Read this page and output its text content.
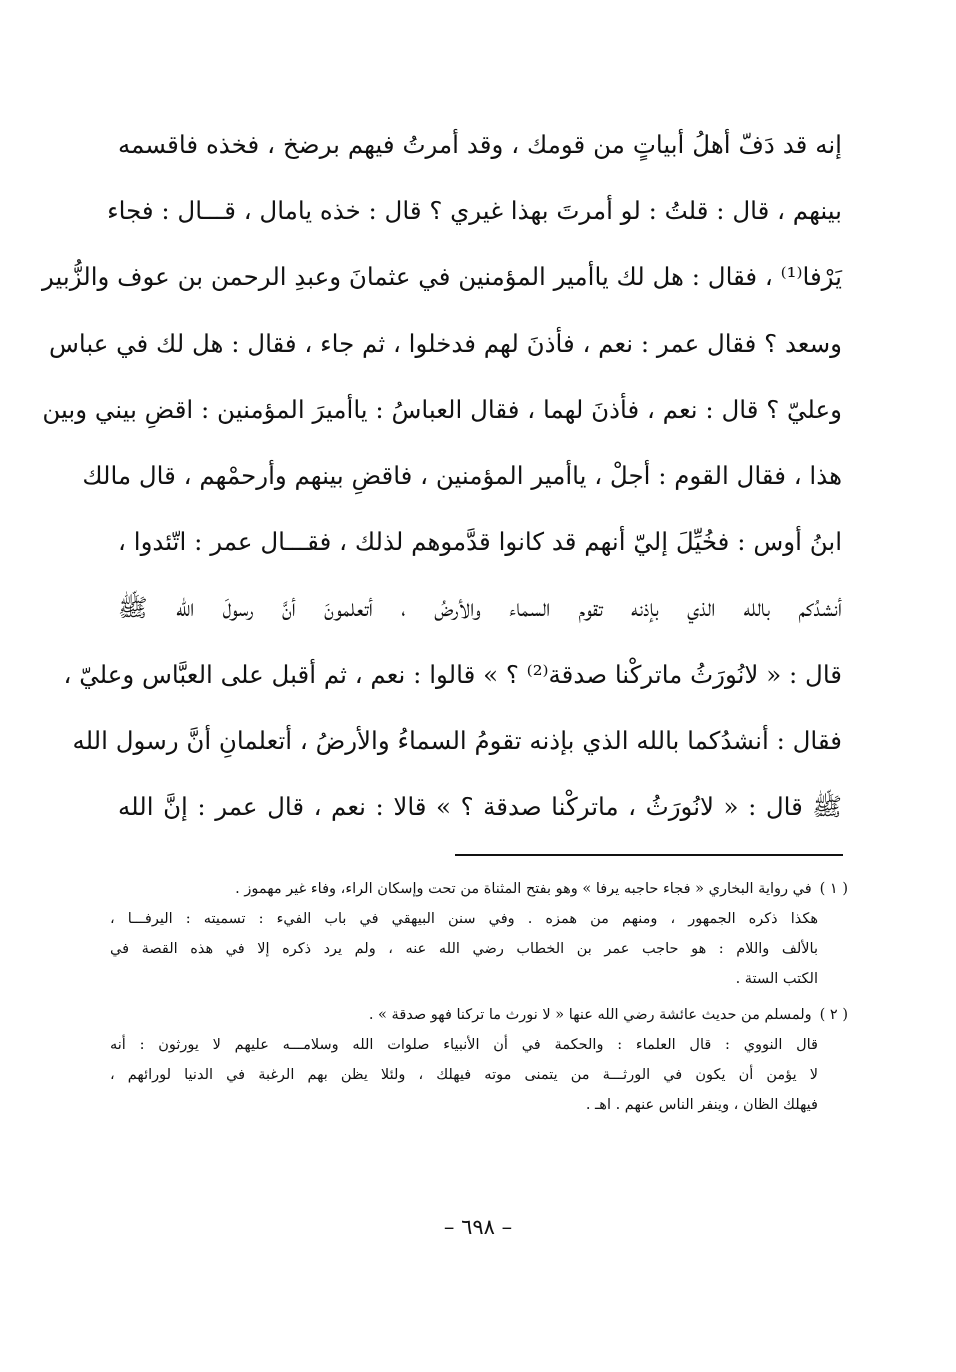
إنه قد دَفّ أهلُ أبياتٍ من قومك ، وقد أمرتُ فيهم برضخ ، فخذه فاقسمه
بينهم ، قال : قلتُ : لو أمرتَ بهذا غيري ؟ قال : خذه يامال ، قـــال : فجاء
يَرْفا⁽¹⁾ ، فقال : هل لك ياأمير المؤمنين في عثمانَ وعبدِ الرحمن بن عوف والزُّبير
وسعد ؟ فقال عمر : نعم ، فأذنَ لهم فدخلوا ، ثم جاء ، فقال : هل لك في عباس
وعليّ ؟ قال : نعم ، فأذنَ لهما ، فقال العباسُ : ياأميرَ المؤمنين : اقضِ بيني وبين
هذا ، فقال القوم : أجلْ ، ياأمير المؤمنين ، فاقضِ بينهم وأرحمْهم ، قال مالك
ابنُ أوس : فخُيِّلَ إليّ أنهم قد كانوا قدَّموهم لذلك ، فقـــال عمر : اتّئدوا ،
أنشدُكم بالله الذي بإذنه تقوم السماء والأرضُ ، أتعلمونَ أنَّ رسولَ الله ﷺ
قال : « لانُورَثُ ماتركْنا صدقة⁽²⁾ ؟ » قالوا : نعم ، ثم أقبل على العبَّاس وعليّ ،
فقال : أنشدُكما بالله الذي بإذنه تقومُ السماءُ والأرضُ ، أتعلمانِ أنَّ رسول الله
ﷺ قال : « لانُورَثُ ، ماتركْنا صدقة ؟ » قالا : نعم ، قال عمر : إنَّ الله
( ١ )
في رواية البخاري « فجاء حاجبه يرفا » وهو بفتح المثناة من تحت وإسكان الراء، وفاء غير مهموز .
هكذا ذكره الجمهور ، ومنهم من همزه . وفي سنن البيهقي في باب الفيء : تسميته : اليرفـــا ،
بالألف واللام : هو حاجب عمر بن الخطاب رضي الله عنه ، ولم يرد ذكره إلا في هذه القصة في
الكتب الستة .
( ٢ )
ولمسلم من حديث عائشة رضي الله عنها « لا نورث ما تركنا فهو صدقة » .
قال النووي : قال العلماء : والحكمة في أن الأنبياء صلوات الله وسلامـــه عليهم لا يورثون : أنه
لا يؤمن أن يكون في الورثـــة من يتمنى موته فيهلك ، ولئلا يظن بهم الرغبة في الدنيا لورائهم ،
فيهلك الظان ، وينفر الناس عنهم . اهـ .
– ٦٩٨ –
